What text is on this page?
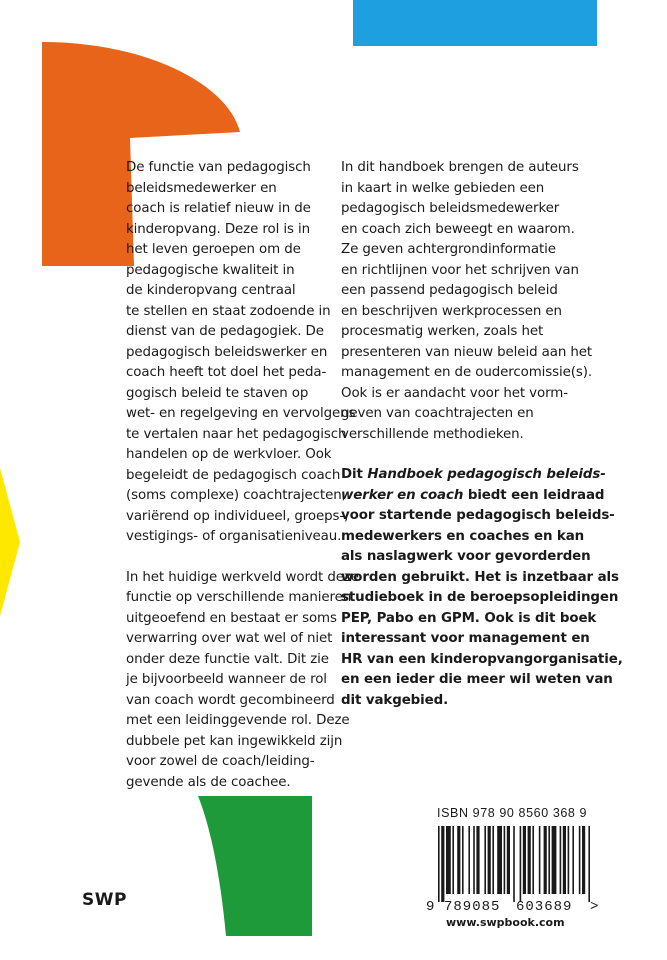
De functie van pedagogisch
beleidsmedewerker en
coach is relatief nieuw in de
kinderopvang. Deze rol is in
het leven geroepen om de
pedagogische kwaliteit in
de kinderopvang centraal
te stellen en staat zodoende in
dienst van de pedagogiek. De
pedagogisch beleidswerker en
coach heeft tot doel het peda-
gogisch beleid te staven op
wet- en regelgeving en vervolgens
te vertalen naar het pedagogisch
handelen op de werkvloer. Ook
begeleidt de pedagogisch coach
(soms complexe) coachtrajecten,
variërend op individueel, groeps-,
vestigings- of organisatieniveau.
In het huidige werkveld wordt deze
functie op verschillende manieren
uitgeoefend en bestaat er soms
verwarring over wat wel of niet
onder deze functie valt. Dit zie
je bijvoorbeeld wanneer de rol
van coach wordt gecombineerd
met een leidinggevende rol. Deze
dubbele pet kan ingewikkeld zijn
voor zowel de coach/leiding-
gevende als de coachee.
In dit handboek brengen de auteurs
in kaart in welke gebieden een
pedagogisch beleidsmedewerker
en coach zich beweegt en waarom.
Ze geven achtergrondinformatie
en richtlijnen voor het schrijven van
een passend pedagogisch beleid
en beschrijven werkprocessen en
procesmatig werken, zoals het
presenteren van nieuw beleid aan het
management en de oudercomissie(s).
Ook is er aandacht voor het vorm-
geven van coachtrajecten en
verschillende methodieken.
Dit Handboek pedagogisch beleids-
werker en coach biedt een leidraad
voor startende pedagogisch beleids-
medewerkers en coaches en kan
als naslagwerk voor gevorderden
worden gebruikt. Het is inzetbaar als
studieboek in de beroepsopleidingen
PEP, Pabo en GPM. Ook is dit boek
interessant voor management en
HR van een kinderopvangorganisatie,
en een ieder die meer wil weten van
dit vakgebied.
ISBN 978 90 8560 368 9
9 789085 603689 >
www.swpbook.com
SWP
